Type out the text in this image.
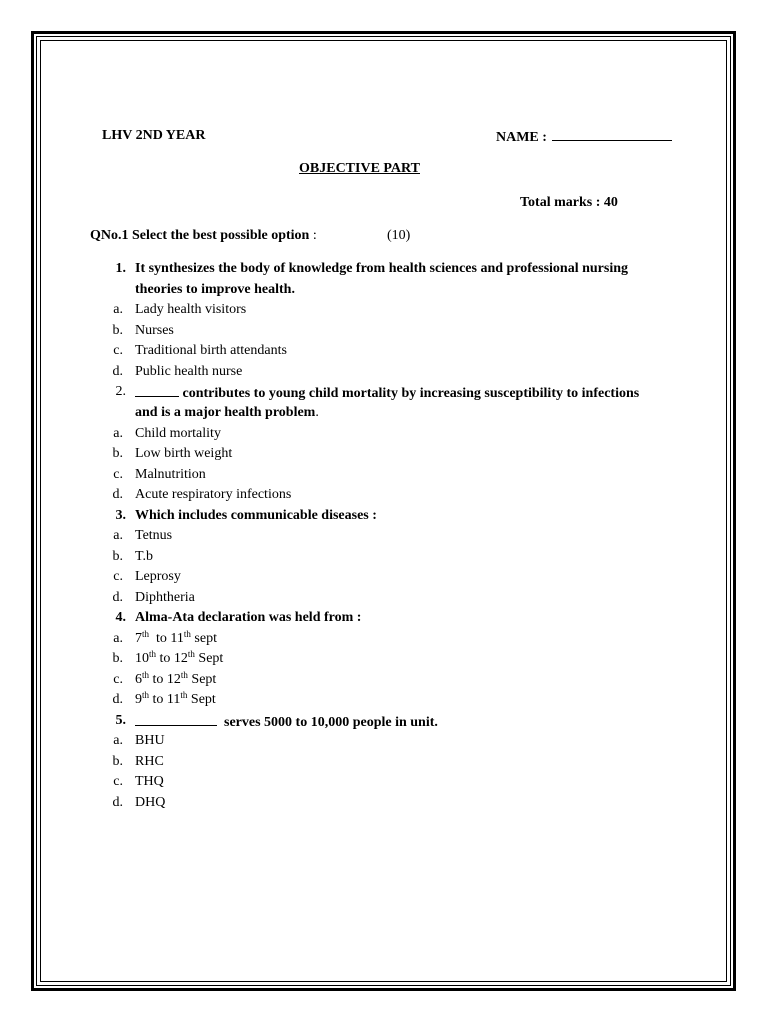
LHV 2ND YEAR	NAME :
OBJECTIVE PART
Total marks : 40
QNo.1 Select the best possible option :	(10)
1. It synthesizes the body of knowledge from health sciences and professional nursing
theories to improve health.
a. Lady health visitors
b. Nurses
c. Traditional birth attendants
d. Public health nurse
2.	contributes to young child mortality by increasing susceptibility to infections
and is a major health problem.
a. Child mortality
b. Low birth weight
c. Malnutrition
d. Acute respiratory infections
3. Which includes communicable diseases :
a. Tetnus
b. T.b
c. Leprosy
d. Diphtheria
4. Alma-Ata declaration was held from :
a. 7th  to 11th sept
b. 10th to 12th Sept
c. 6th to 12th Sept
d. 9th to 11th Sept
5.	serves 5000 to 10,000 people in unit.
a. BHU
b. RHC
c. THQ
d. DHQ
